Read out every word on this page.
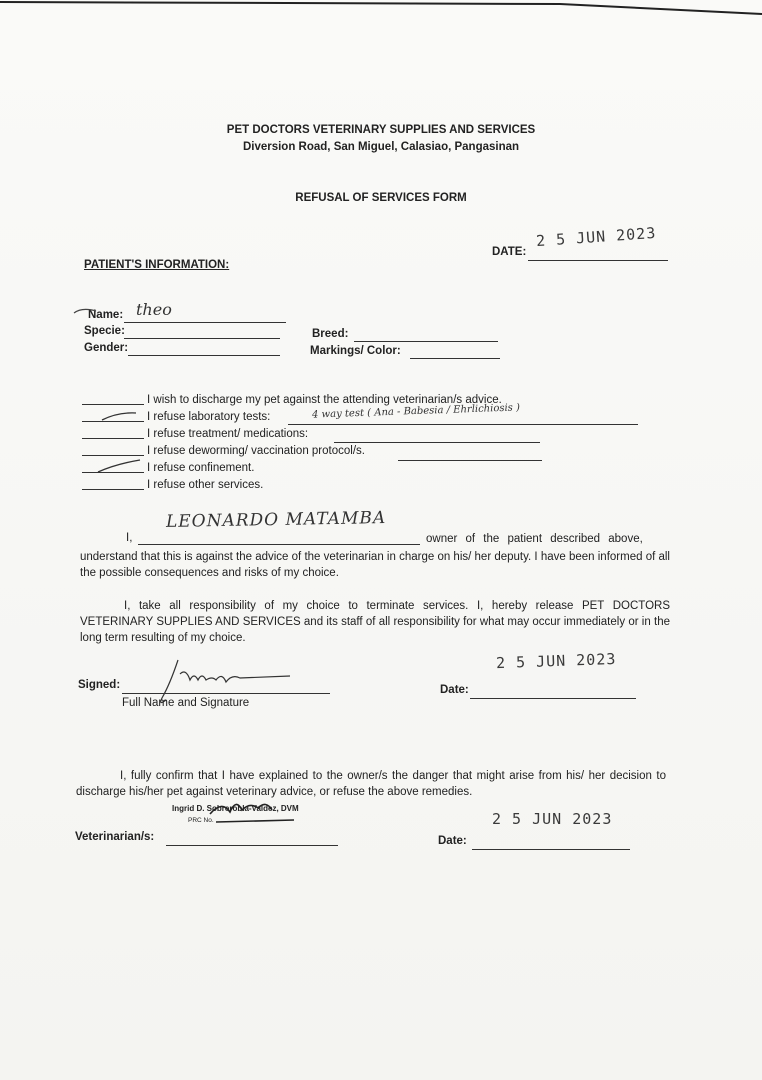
PET DOCTORS VETERINARY SUPPLIES AND SERVICES
Diversion Road, San Miguel, Calasiao, Pangasinan
REFUSAL OF SERVICES FORM
DATE:
2 5 JUN 2023
PATIENT'S INFORMATION:
Name: theo
Specie:
Gender:
Breed:
Markings/ Color:
I wish to discharge my pet against the attending veterinarian/s advice.
I refuse laboratory tests:	4 way test ( Ana - Babesia / Ehrlichiosis )
I refuse treatment/ medications:
I refuse deworming/ vaccination protocol/s.
I refuse confinement.
I refuse other services.
I,
LEONARDO MATAMBA
owner of the patient described above,
understand that this is against the advice of the veterinarian in charge on his/ her deputy. I have been informed of all the possible consequences and risks of my choice.
I, take all responsibility of my choice to terminate services. I, hereby release PET DOCTORS VETERINARY SUPPLIES AND SERVICES and its staff of all responsibility for what may occur immediately or in the long term resulting of my choice.
Signed:
Full Name and Signature
Date:
2 5 JUN 2023
I, fully confirm that I have explained to the owner/s the danger that might arise from his/ her decision to discharge his/her pet against veterinary advice, or refuse the above remedies.
Ingrid D. Sobrerobla-Valdez, DVM
PRC No.
Veterinarian/s:	Date:
2 5 JUN 2023
